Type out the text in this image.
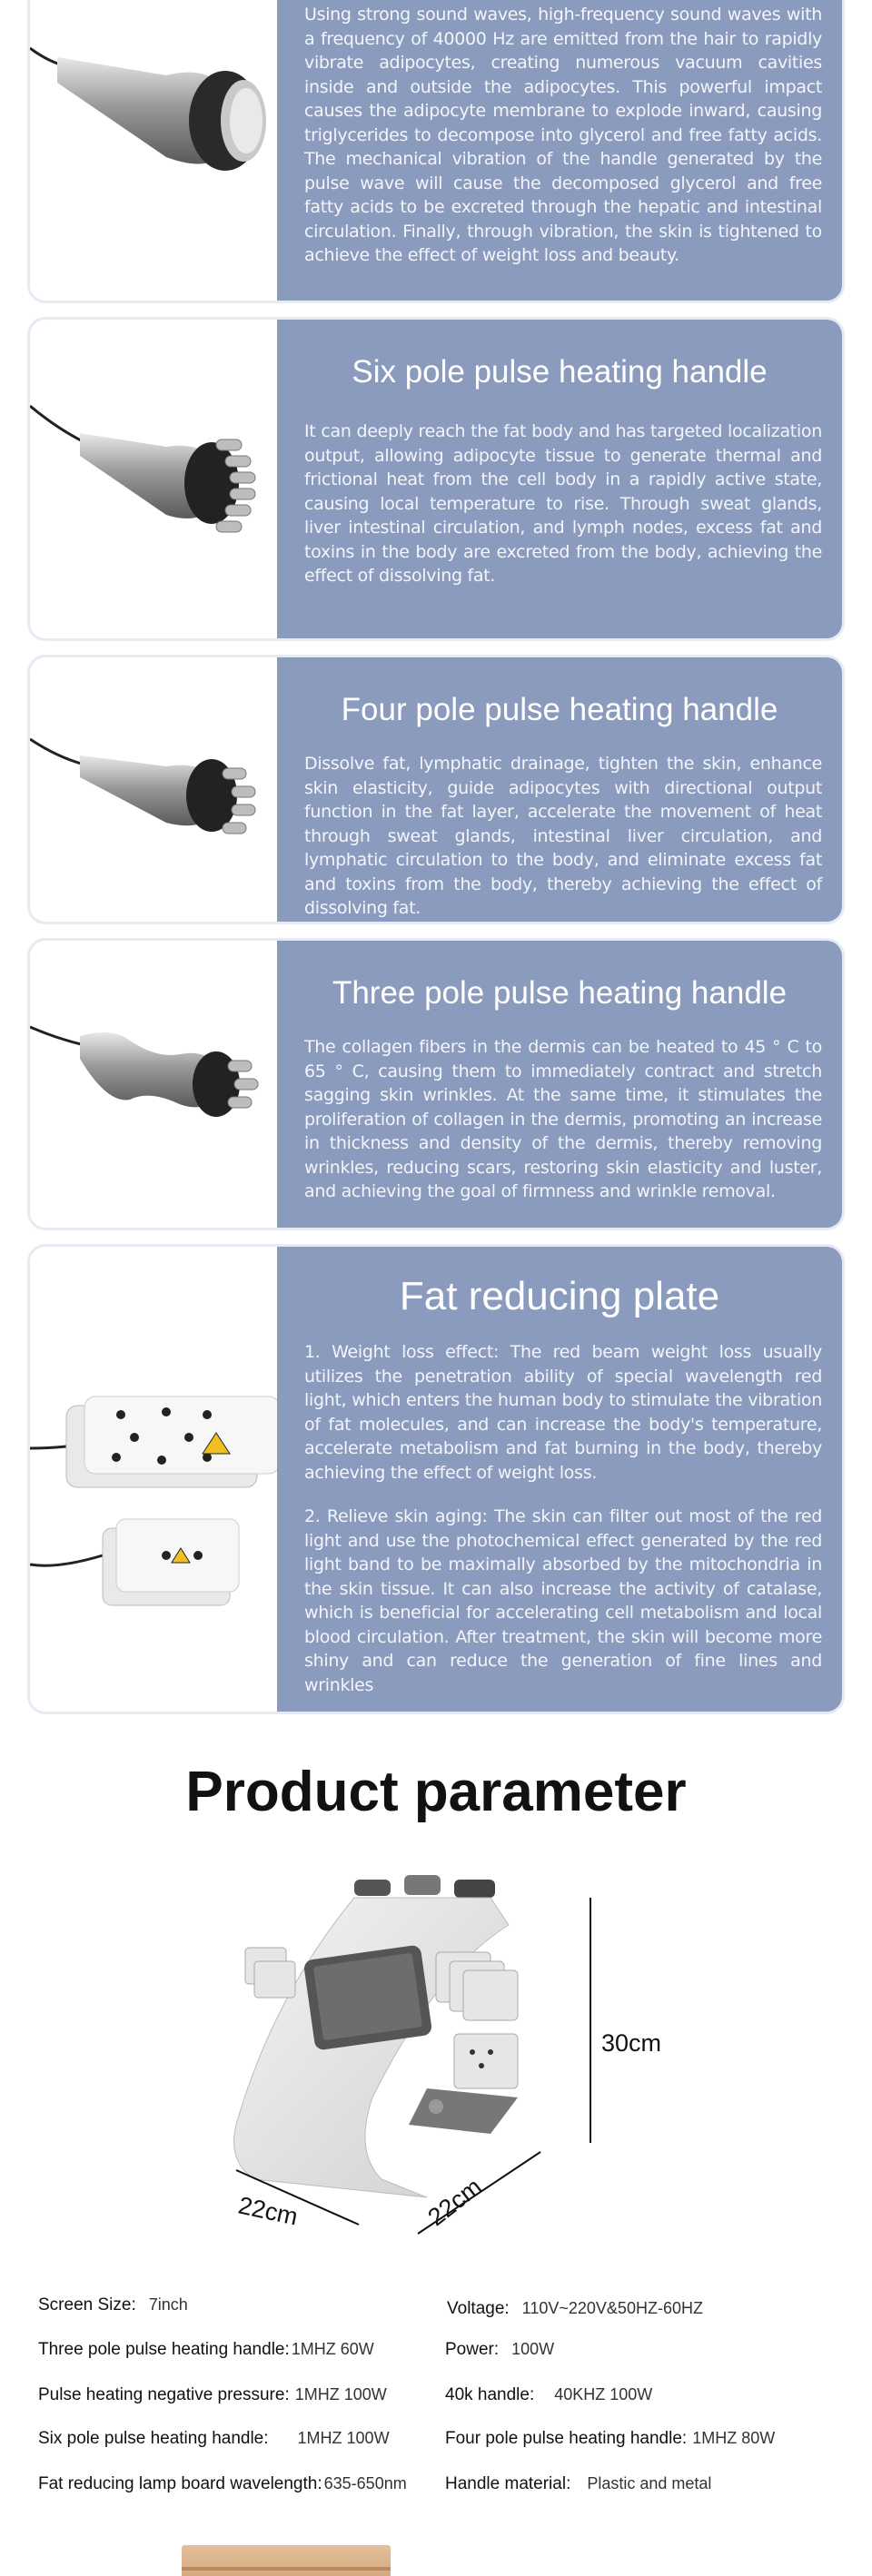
Using strong sound waves, high-frequency sound waves with a frequency of 40000 Hz are emitted from the hair to rapidly vibrate adipocytes, creating numerous vacuum cavities inside and outside the adipocytes. This powerful impact causes the adipocyte membrane to explode inward, causing triglycerides to decompose into glycerol and free fatty acids. The mechanical vibration of the handle generated by the pulse wave will cause the decomposed glycerol and free fatty acids to be excreted through the hepatic and intestinal circulation. Finally, through vibration, the skin is tightened to achieve the effect of weight loss and beauty.
Six pole pulse heating handle
It can deeply reach the fat body and has targeted localization output, allowing adipocyte tissue to generate thermal and frictional heat from the cell body in a rapidly active state, causing local temperature to rise. Through sweat glands, liver intestinal circulation, and lymph nodes, excess fat and toxins in the body are excreted from the body, achieving the effect of dissolving fat.
Four pole pulse heating handle
Dissolve fat, lymphatic drainage, tighten the skin, enhance skin elasticity, guide adipocytes with directional output function in the fat layer, accelerate the movement of heat through sweat glands, intestinal liver circulation, and lymphatic circulation to the body, and eliminate excess fat and toxins from the body, thereby achieving the effect of dissolving fat.
Three pole pulse heating handle
The collagen fibers in the dermis can be heated to 45 ° C to 65 ° C, causing them to immediately contract and stretch sagging skin wrinkles. At the same time, it stimulates the proliferation of collagen in the dermis, promoting an increase in thickness and density of the dermis, thereby removing wrinkles, reducing scars, restoring skin elasticity and luster, and achieving the goal of firmness and wrinkle removal.
Fat reducing plate
1. Weight loss effect: The red beam weight loss usually utilizes the penetration ability of special wavelength red light, which enters the human body to stimulate the vibration of fat molecules, and can increase the body's temperature, accelerate metabolism and fat burning in the body, thereby achieving the effect of weight loss.
2. Relieve skin aging: The skin can filter out most of the red light and use the photochemical effect generated by the red light band to be maximally absorbed by the mitochondria in the skin tissue. It can also increase the activity of catalase, which is beneficial for accelerating cell metabolism and local blood circulation. After treatment, the skin will become more shiny and can reduce the generation of fine lines and wrinkles
Product parameter
30cm
22cm	22cm
Screen Size: 7inch
Three pole pulse heating handle: 1MHZ 60W
Pulse heating negative pressure: 1MHZ 100W
Six pole pulse heating handle: 1MHZ 100W
Fat reducing lamp board wavelength: 635-650nm
Voltage: 110V~220V&50HZ-60HZ
Power: 100W
40k handle: 40KHZ 100W
Four pole pulse heating handle: 1MHZ 80W
Handle material: Plastic and metal
